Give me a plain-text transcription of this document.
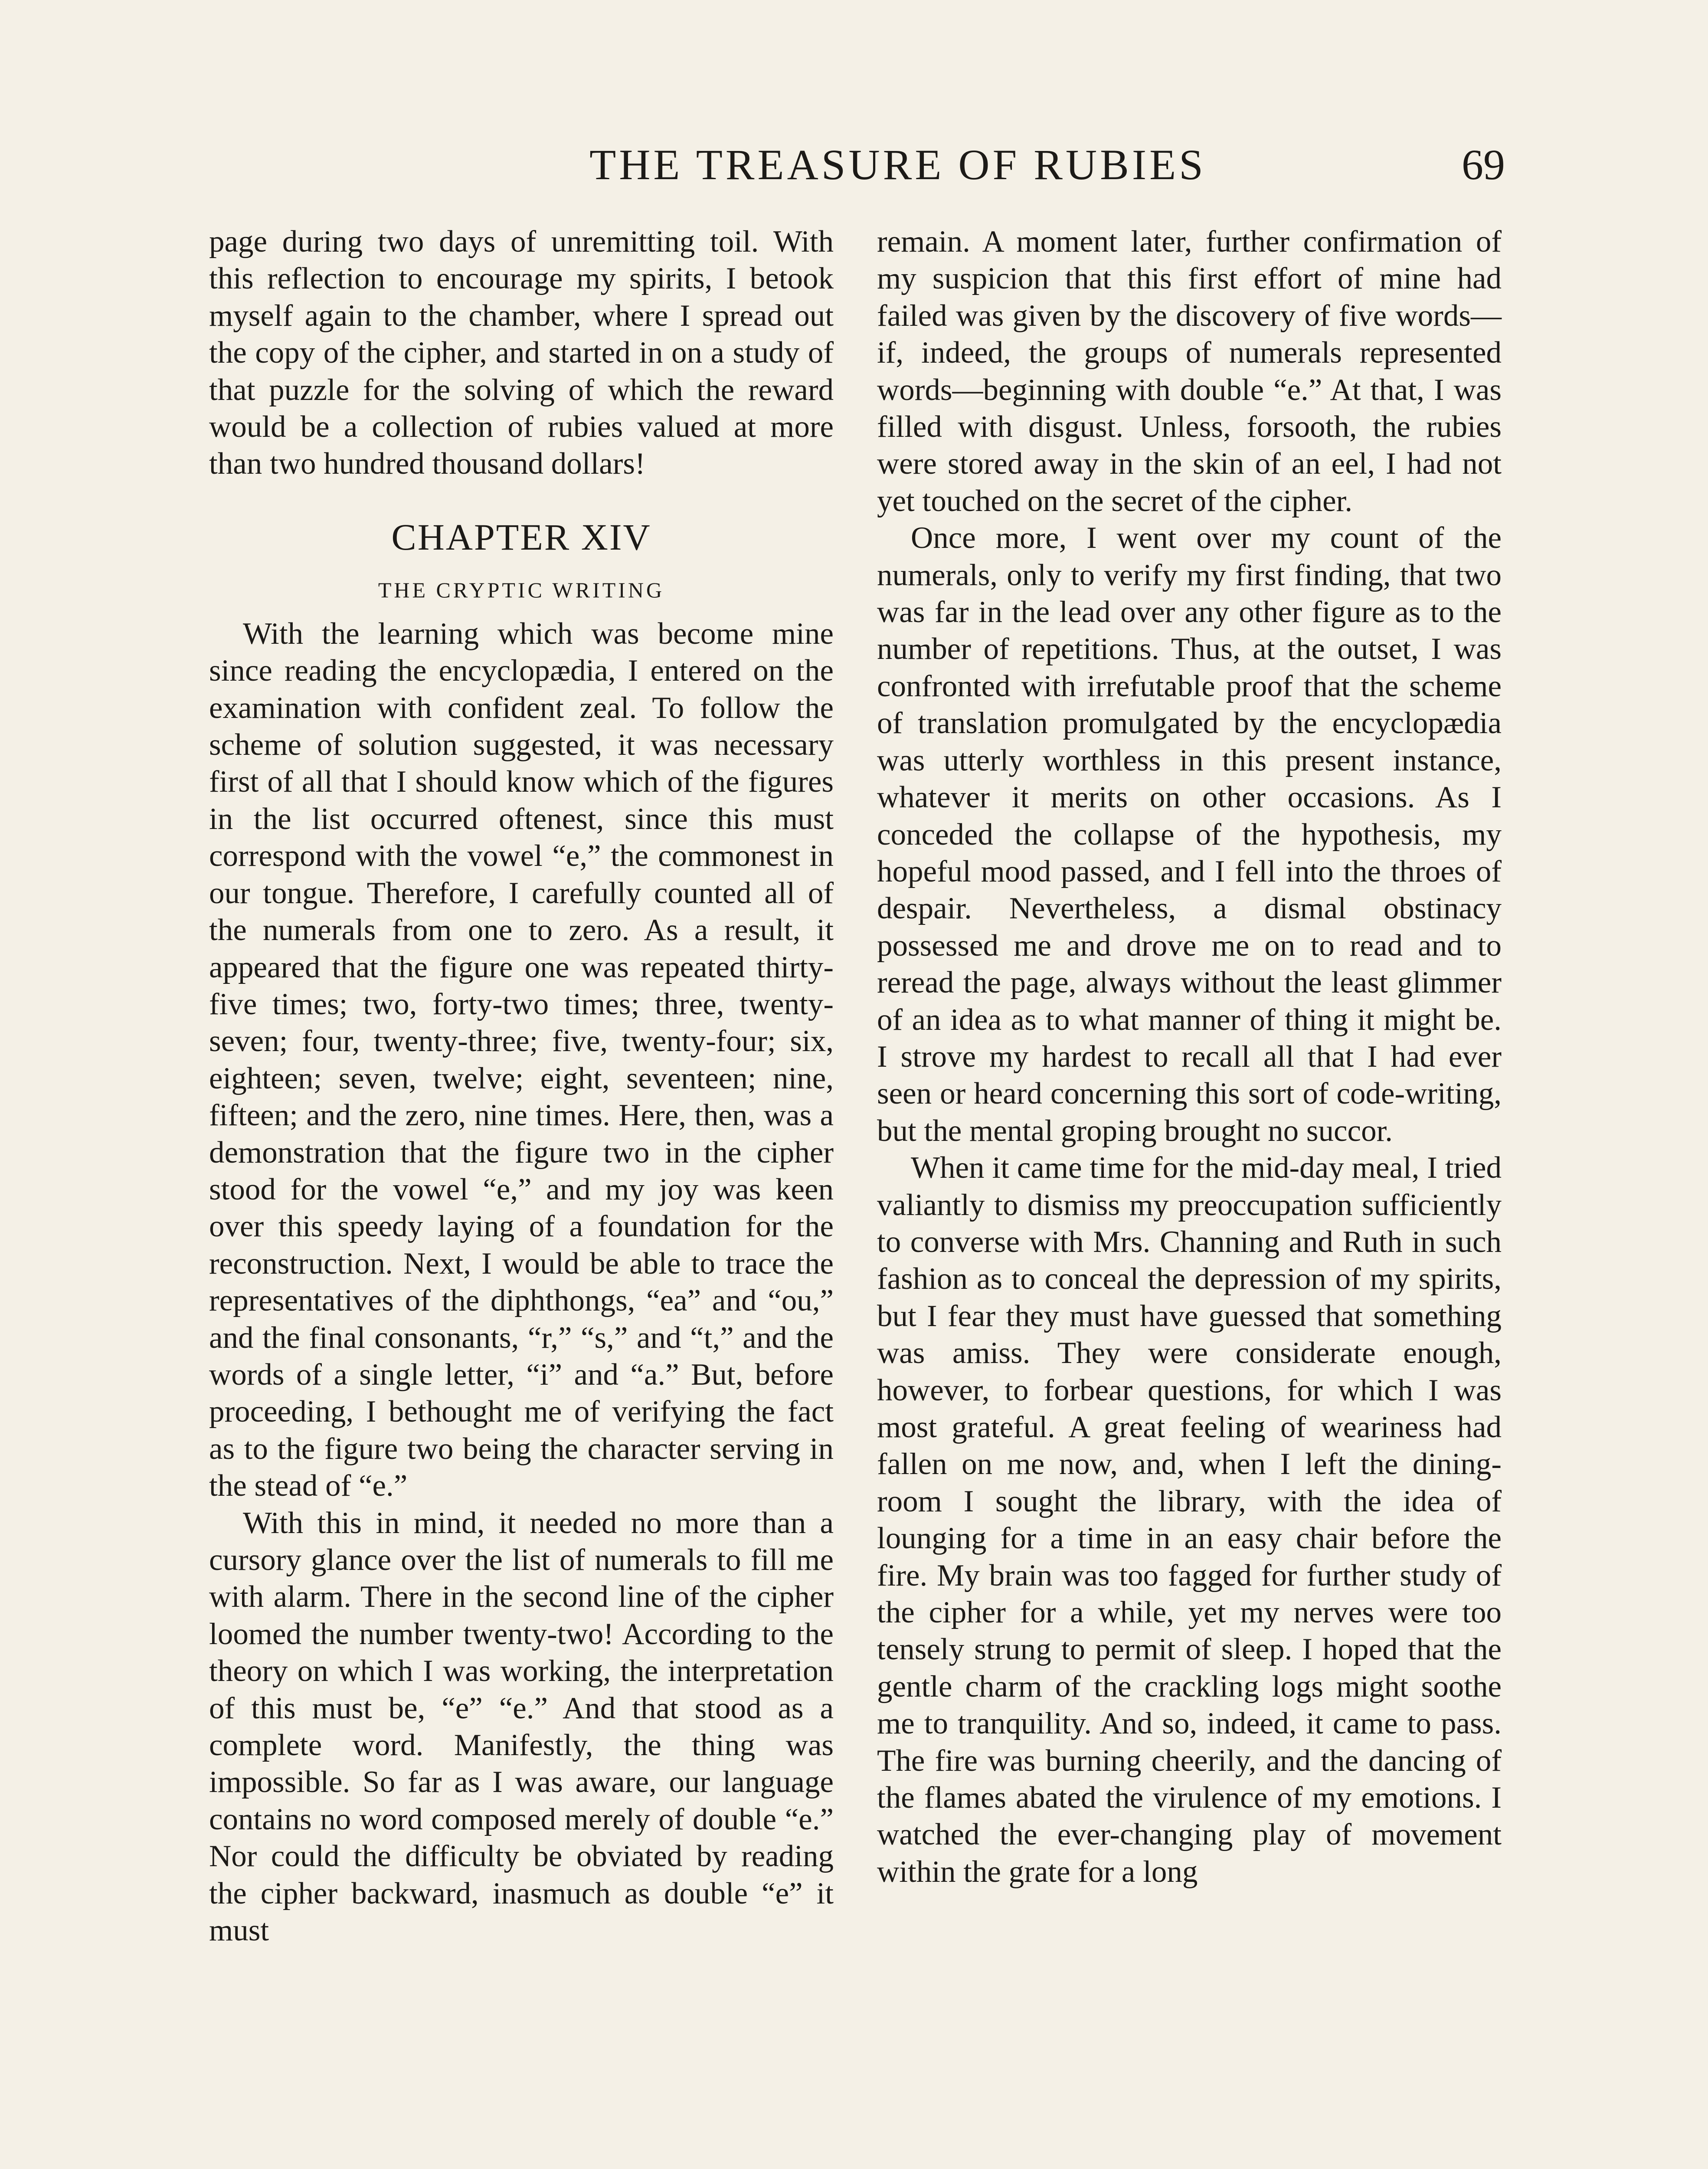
THE TREASURE OF RUBIES	69

page during two days of unremitting toil. With this reflection to encourage my spirits, I betook myself again to the chamber, where I spread out the copy of the cipher, and started in on a study of that puzzle for the solving of which the reward would be a collection of rubies valued at more than two hundred thousand dollars!

CHAPTER XIV
THE CRYPTIC WRITING

With the learning which was become mine since reading the encyclopædia, I entered on the examination with confident zeal. To follow the scheme of solution suggested, it was necessary first of all that I should know which of the figures in the list occurred oftenest, since this must correspond with the vowel “e,” the commonest in our tongue. Therefore, I carefully counted all of the numerals from one to zero. As a result, it appeared that the figure one was repeated thirty-five times; two, forty-two times; three, twenty-seven; four, twenty-three; five, twenty-four; six, eighteen; seven, twelve; eight, seventeen; nine, fifteen; and the zero, nine times. Here, then, was a demonstration that the figure two in the cipher stood for the vowel “e,” and my joy was keen over this speedy laying of a foundation for the reconstruction. Next, I would be able to trace the representatives of the diphthongs, “ea” and “ou,” and the final consonants, “r,” “s,” and “t,” and the words of a single letter, “i” and “a.” But, before proceeding, I bethought me of verifying the fact as to the figure two being the character serving in the stead of “e.”

With this in mind, it needed no more than a cursory glance over the list of numerals to fill me with alarm. There in the second line of the cipher loomed the number twenty-two! According to the theory on which I was working, the interpretation of this must be, “e” “e.” And that stood as a complete word. Manifestly, the thing was impossible. So far as I was aware, our language contains no word composed merely of double “e.” Nor could the difficulty be obviated by reading the cipher backward, inasmuch as double “e” it must

remain. A moment later, further confirmation of my suspicion that this first effort of mine had failed was given by the discovery of five words—if, indeed, the groups of numerals represented words—beginning with double “e.” At that, I was filled with disgust. Unless, forsooth, the rubies were stored away in the skin of an eel, I had not yet touched on the secret of the cipher.

Once more, I went over my count of the numerals, only to verify my first finding, that two was far in the lead over any other figure as to the number of repetitions. Thus, at the outset, I was confronted with irrefutable proof that the scheme of translation promulgated by the encyclopædia was utterly worthless in this present instance, whatever it merits on other occasions. As I conceded the collapse of the hypothesis, my hopeful mood passed, and I fell into the throes of despair. Nevertheless, a dismal obstinacy possessed me and drove me on to read and to reread the page, always without the least glimmer of an idea as to what manner of thing it might be. I strove my hardest to recall all that I had ever seen or heard concerning this sort of code-writing, but the mental groping brought no succor.

When it came time for the mid-day meal, I tried valiantly to dismiss my preoccupation sufficiently to converse with Mrs. Channing and Ruth in such fashion as to conceal the depression of my spirits, but I fear they must have guessed that something was amiss. They were considerate enough, however, to forbear questions, for which I was most grateful. A great feeling of weariness had fallen on me now, and, when I left the dining-room I sought the library, with the idea of lounging for a time in an easy chair before the fire. My brain was too fagged for further study of the cipher for a while, yet my nerves were too tensely strung to permit of sleep. I hoped that the gentle charm of the crackling logs might soothe me to tranquility. And so, indeed, it came to pass. The fire was burning cheerily, and the dancing of the flames abated the virulence of my emotions. I watched the ever-changing play of movement within the grate for a long
